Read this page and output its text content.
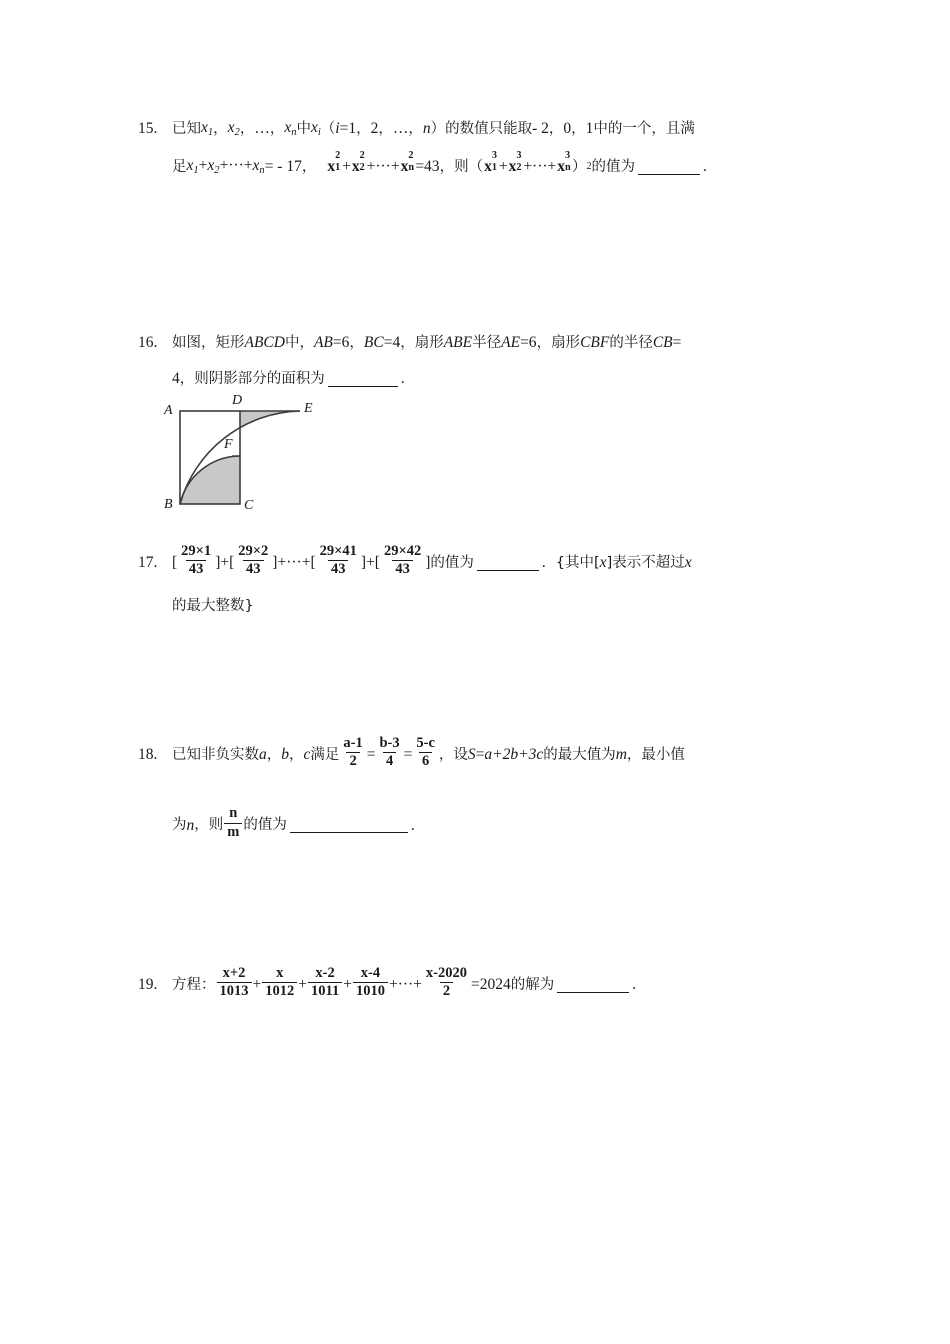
15.	已知 $x_1$ ， $x_2$ ， … ， $x_n$ 中 $x_i$ （ i =1 ， 2 ， … ， n ） 的数值只能取 - 2 ， 0 ， 1 中的一个，且满
足 $x_1+x_2+\cdot\cdot\cdot+x_n$ = - 17 ， x
2
1 + x
2
2 +···+ x
2
n =43 ， 则 （ x
3
1 + x
3
2 +···+ x
3
n ） 2 的值为	.
16.	如图，矩形 ABCD 中， AB =6 ， BC =4 ， 扇形 ABE 半径 AE =6 ， 扇形 CBF 的半径 CB =
4 ，则阴影部分的面积为	.
A
B	C
D
E
F
17. [ $\frac{29\times 1}{43}$ ] + [ $\frac{29\times 2}{43}$ ] +···+ [ $\frac{29\times 41}{43}$ ] + [ $\frac{29\times 42}{43}$ ] 的值为	. {其中[ x ]表示不超过 x
的最大整数}
18.	已知非负实数 a ， b ， c 满足 $\frac{a-1}{2} = \frac{b-3}{4} = \frac{5-c}{6}$ ， 设 S = a+2b+3c 的最大值为 m ， 最小值
为 n ， 则 $\frac{n}{m}$ 的值为	.
19.	方程： $\frac{x+2}{1013} + \frac{x}{1012} + \frac{x-2}{1011} + \frac{x-4}{1010}$ +···+ $\frac{x-2020}{2} =2024$ 的解为	.
